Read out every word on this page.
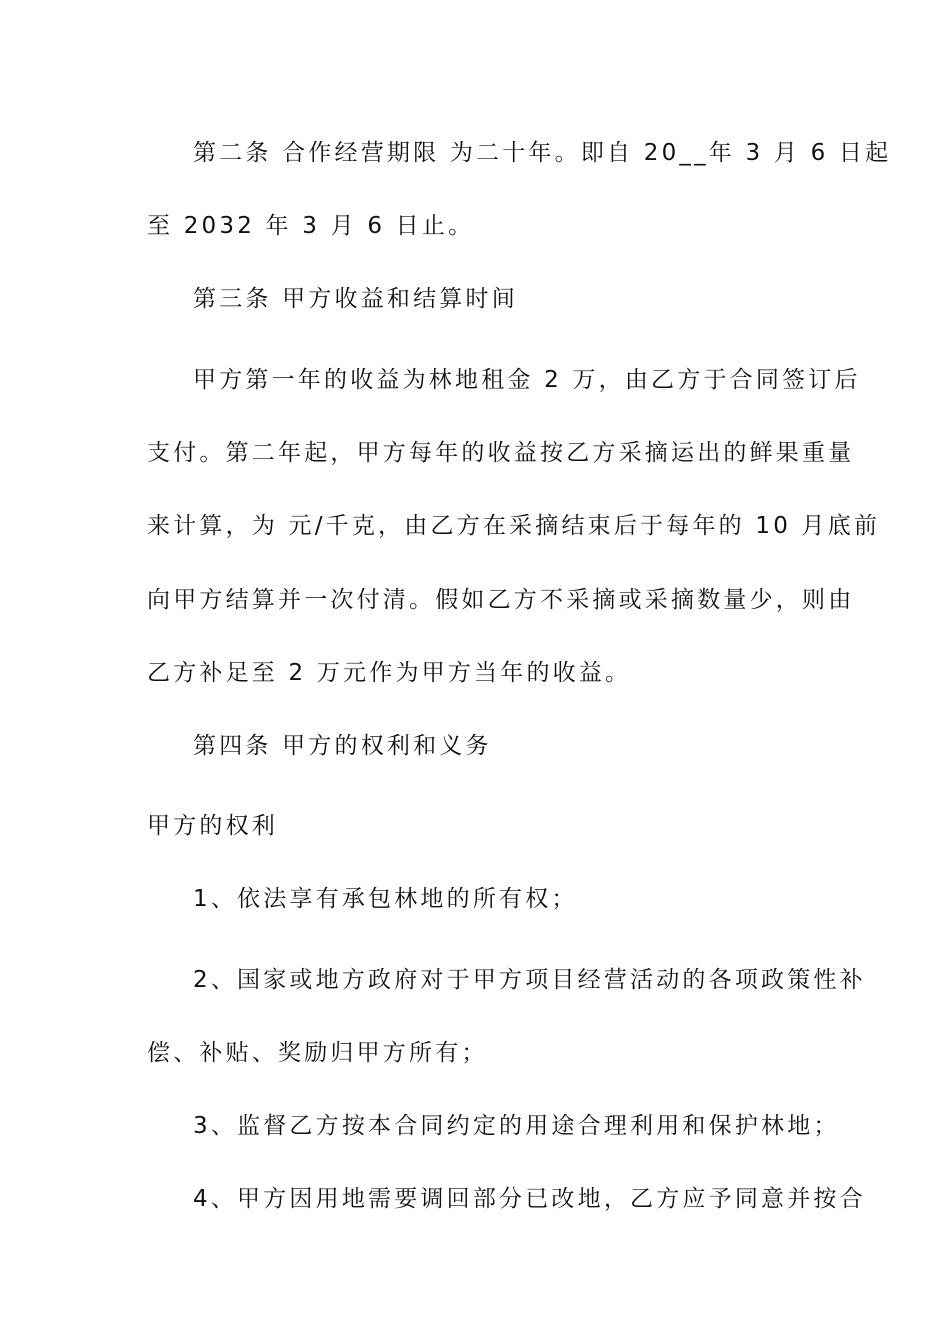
第二条 合作经营期限 为二十年。即自 20__年 3 月 6 日起
至 2032 年 3 月 6 日止。
第三条 甲方收益和结算时间
甲方第一年的收益为林地租金 2 万，由乙方于合同签订后
支付。第二年起，甲方每年的收益按乙方采摘运出的鲜果重量
来计算，为 元/千克，由乙方在采摘结束后于每年的 10 月底前
向甲方结算并一次付清。假如乙方不采摘或采摘数量少，则由
乙方补足至 2 万元作为甲方当年的收益。
第四条 甲方的权利和义务
甲方的权利
1、依法享有承包林地的所有权；
2、国家或地方政府对于甲方项目经营活动的各项政策性补
偿、补贴、奖励归甲方所有；
3、监督乙方按本合同约定的用途合理利用和保护林地；
4、甲方因用地需要调回部分已改地，乙方应予同意并按合
